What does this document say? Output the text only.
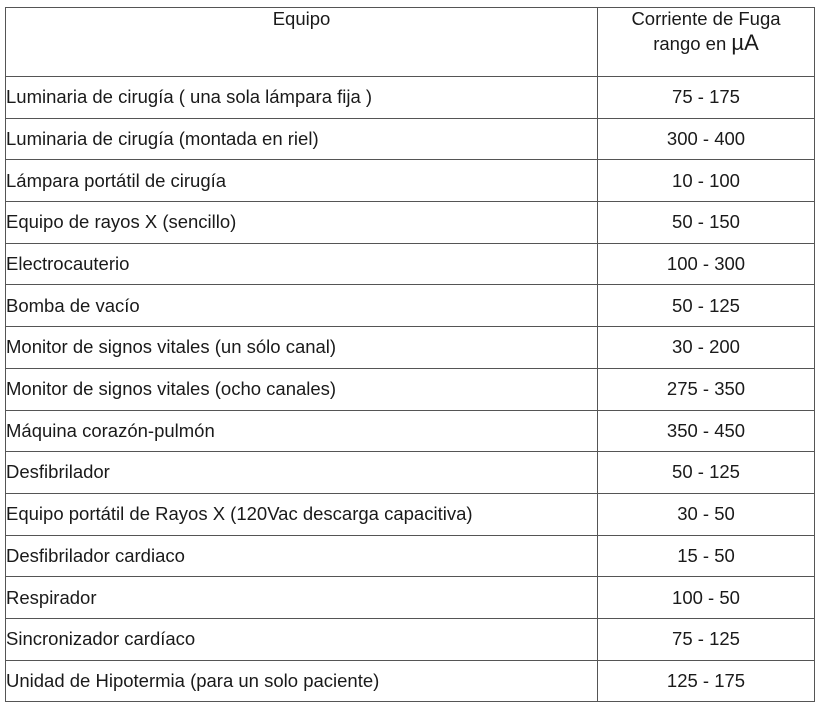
Equipo	Corriente de Fuga
rango en µA
Luminaria de cirugía ( una sola lámpara fija )	75 - 175
Luminaria de cirugía (montada en riel)	300 - 400
Lámpara portátil de cirugía	10 - 100
Equipo de rayos X (sencillo)	50 - 150
Electrocauterio	100 - 300
Bomba de vacío	50 - 125
Monitor de signos vitales (un sólo canal)	30 - 200
Monitor de signos vitales (ocho canales)	275 - 350
Máquina corazón-pulmón	350 - 450
Desfibrilador	50 - 125
Equipo portátil de Rayos X (120Vac descarga capacitiva)	30 - 50
Desfibrilador cardiaco	15 - 50
Respirador	100 - 50
Sincronizador cardíaco	75 - 125
Unidad de Hipotermia (para un solo paciente)	125 - 175
